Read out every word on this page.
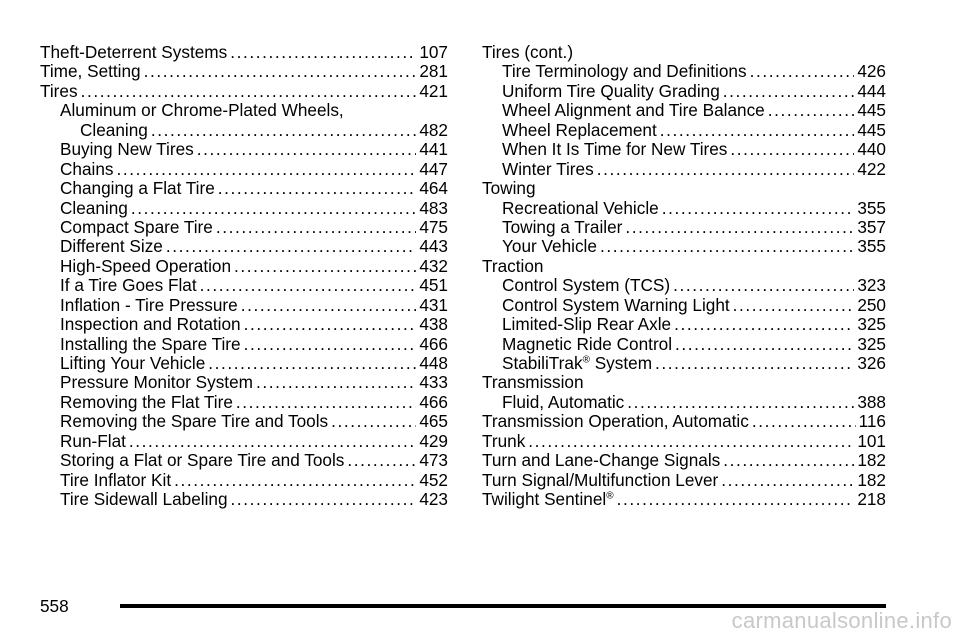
Theft-Deterrent Systems .....	107
Time, Setting .....	281
Tires .....	421
Aluminum or Chrome-Plated Wheels,
Cleaning .....	482
Buying New Tires .....	441
Chains .....	447
Changing a Flat Tire .....	464
Cleaning .....	483
Compact Spare Tire .....	475
Different Size .....	443
High-Speed Operation .....	432
If a Tire Goes Flat .....	451
Inflation - Tire Pressure .....	431
Inspection and Rotation .....	438
Installing the Spare Tire .....	466
Lifting Your Vehicle .....	448
Pressure Monitor System .....	433
Removing the Flat Tire .....	466
Removing the Spare Tire and Tools .....	465
Run-Flat .....	429
Storing a Flat or Spare Tire and Tools .....	473
Tire Inflator Kit .....	452
Tire Sidewall Labeling .....	423
Tires (cont.)
Tire Terminology and Definitions .....	426
Uniform Tire Quality Grading .....	444
Wheel Alignment and Tire Balance .....	445
Wheel Replacement .....	445
When It Is Time for New Tires .....	440
Winter Tires .....	422
Towing
Recreational Vehicle .....	355
Towing a Trailer .....	357
Your Vehicle .....	355
Traction
Control System (TCS) .....	323
Control System Warning Light .....	250
Limited-Slip Rear Axle .....	325
Magnetic Ride Control .....	325
StabiliTrak® System .....	326
Transmission
Fluid, Automatic .....	388
Transmission Operation, Automatic .....	116
Trunk .....	101
Turn and Lane-Change Signals .....	182
Turn Signal/Multifunction Lever .....	182
Twilight Sentinel® .....	218
558
carmanualsonline.info
